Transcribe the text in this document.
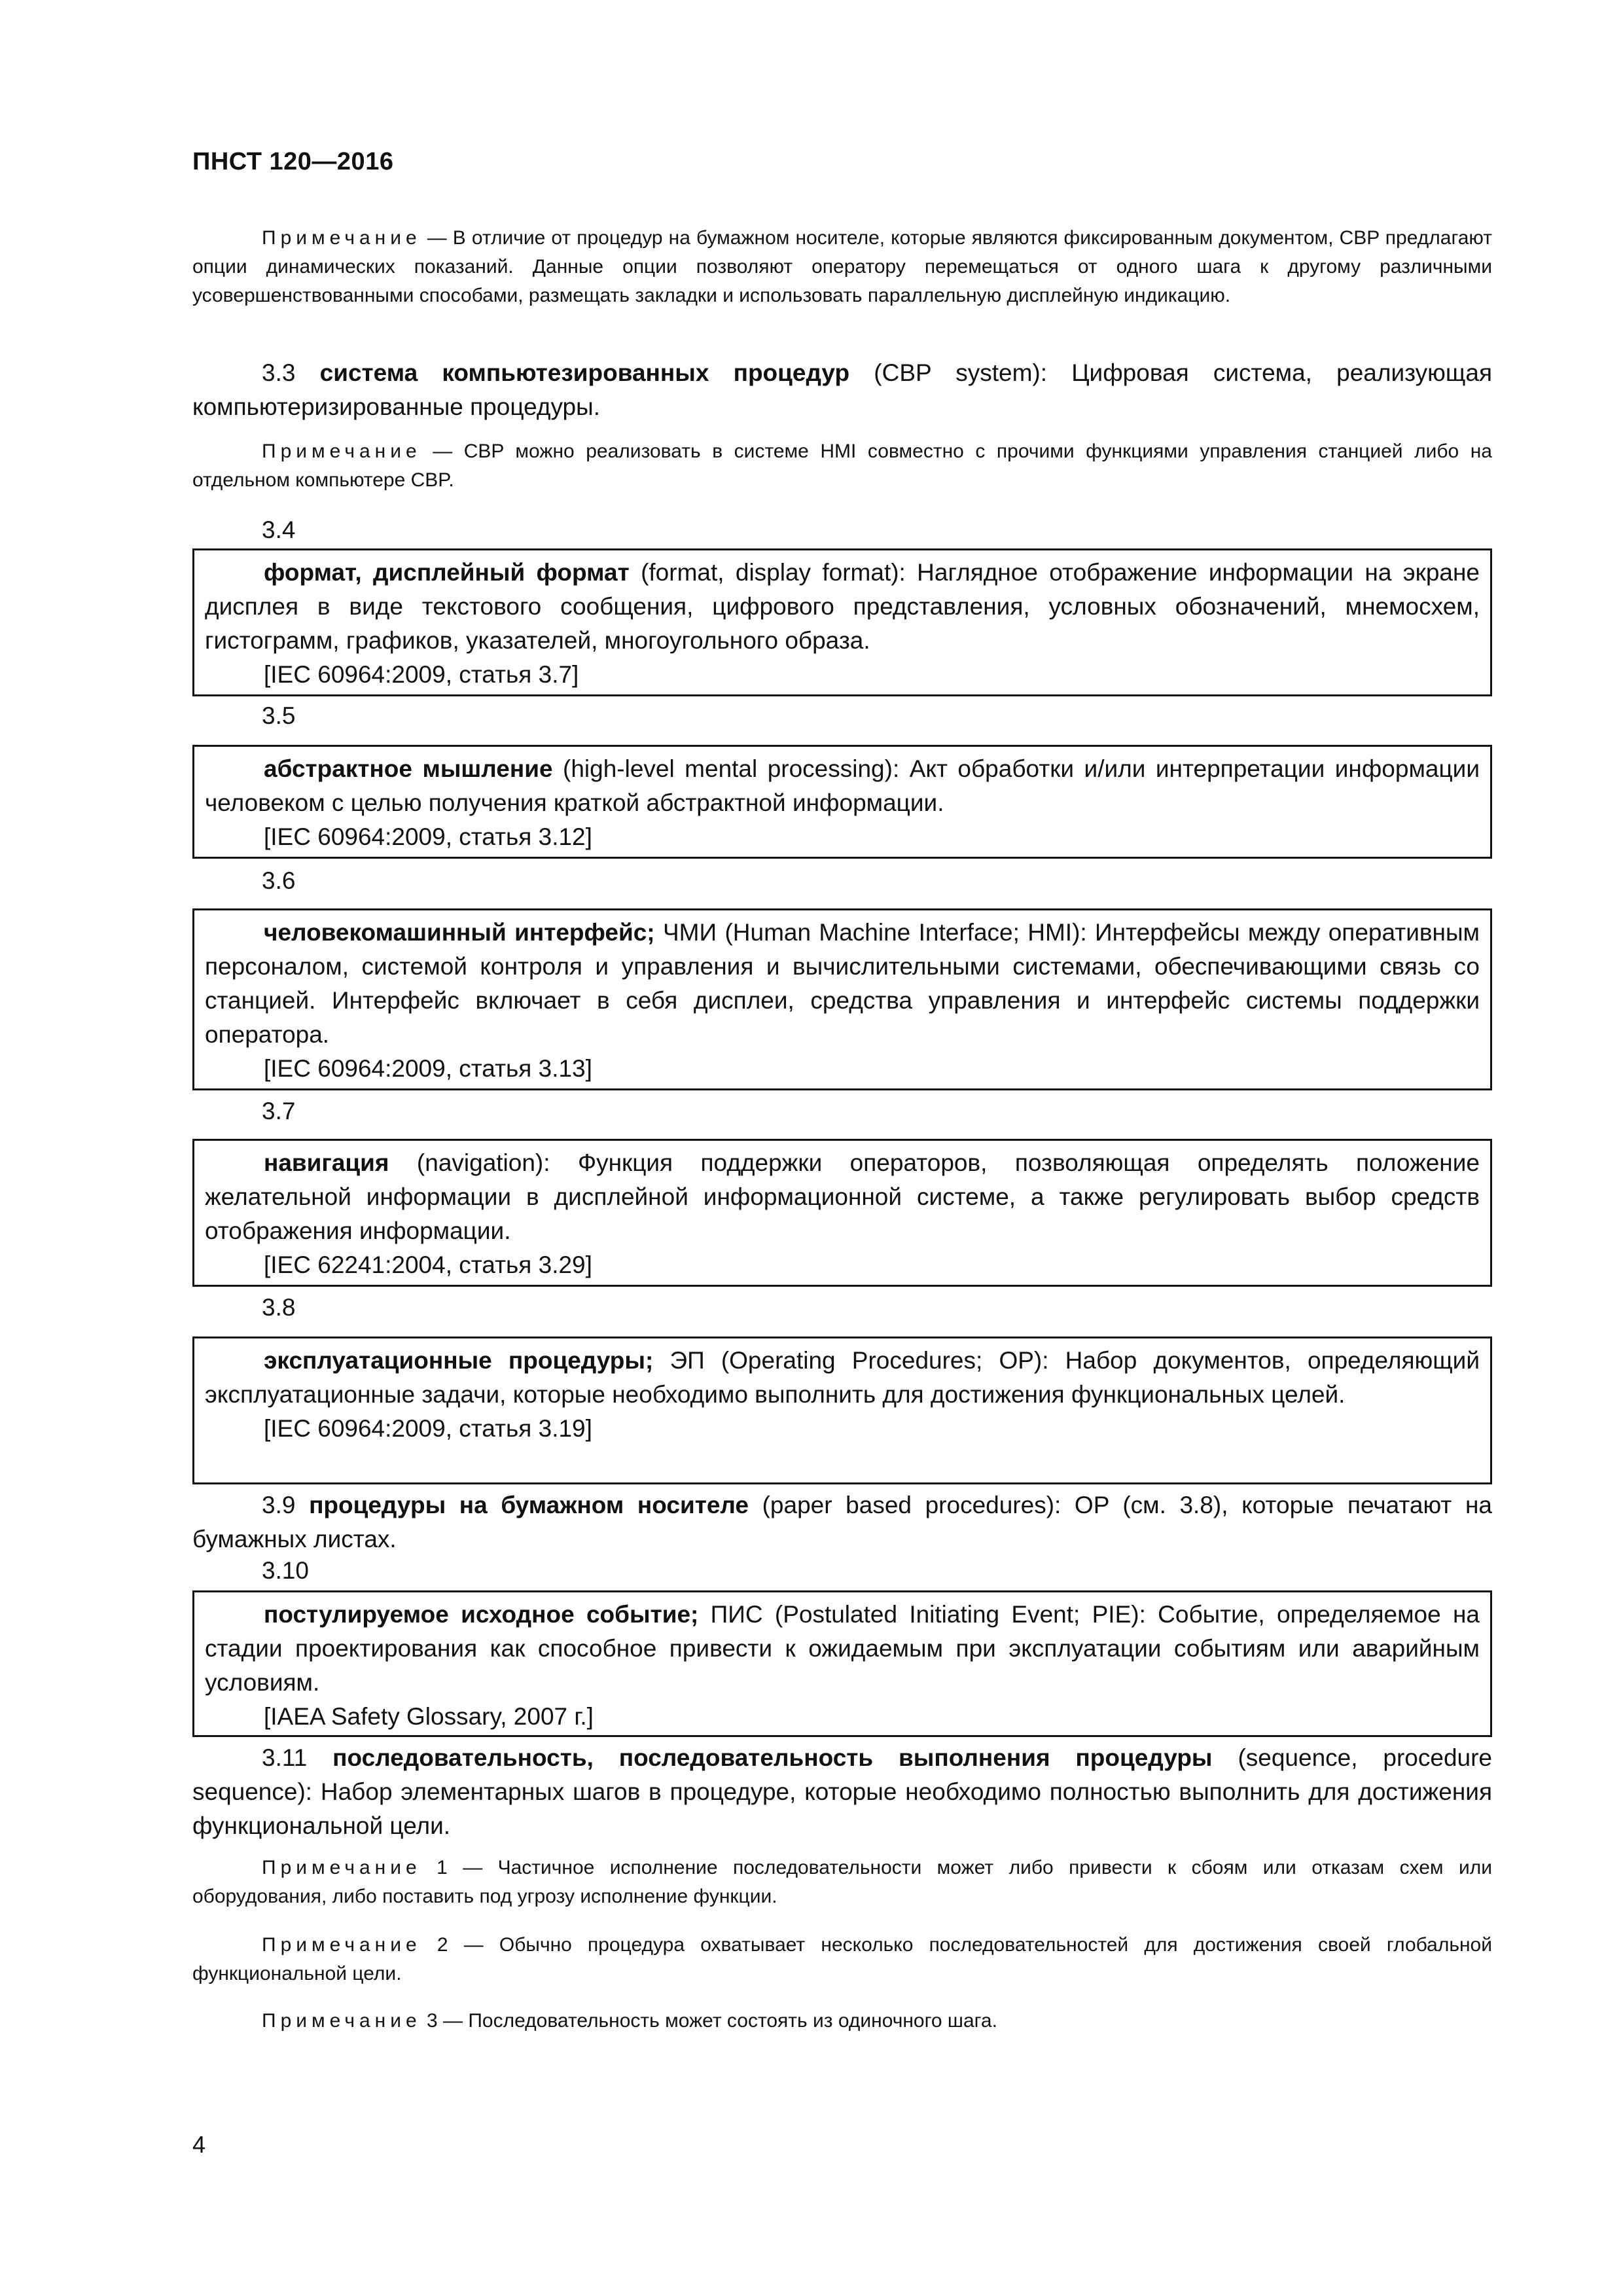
ПНСТ 120—2016

Примечание — В отличие от процедур на бумажном носителе, которые являются фиксированным документом, CBP предлагают опции динамических показаний. Данные опции позволяют оператору перемещаться от одного шага к другому различными усовершенствованными способами, размещать закладки и использовать параллельную дисплейную индикацию.

3.3 система компьютезированных процедур (CBP system): Цифровая система, реализующая компьютеризированные процедуры.

Примечание — CBP можно реализовать в системе HMI совместно с прочими функциями управления станцией либо на отдельном компьютере CBP.

3.4

формат, дисплейный формат (format, display format): Наглядное отображение информации на экране дисплея в виде текстового сообщения, цифрового представления, условных обозначений, мнемосхем, гистограмм, графиков, указателей, многоугольного образа.

[IEC 60964:2009, статья 3.7]
3.5

абстрактное мышление (high-level mental processing): Акт обработки и/или интерпретации информации человеком с целью получения краткой абстрактной информации.

[IEC 60964:2009, статья 3.12]
3.6

человекомашинный интерфейс; ЧМИ (Human Machine Interface; HMI): Интерфейсы между оперативным персоналом, системой контроля и управления и вычислительными системами, обеспечивающими связь со станцией. Интерфейс включает в себя дисплеи, средства управления и интерфейс системы поддержки оператора.

[IEC 60964:2009, статья 3.13]
3.7

навигация (navigation): Функция поддержки операторов, позволяющая определять положение желательной информации в дисплейной информационной системе, а также регулировать выбор средств отображения информации.

[IEC 62241:2004, статья 3.29]
3.8

эксплуатационные процедуры; ЭП (Operating Procedures; OP): Набор документов, определяющий эксплуатационные задачи, которые необходимо выполнить для достижения функциональных целей.

[IEC 60964:2009, статья 3.19]

3.9 процедуры на бумажном носителе (paper based procedures): OP (см. 3.8), которые печатают на бумажных листах.

3.10

постулируемое исходное событие; ПИС (Postulated Initiating Event; PIE): Событие, определяемое на стадии проектирования как способное привести к ожидаемым при эксплуатации событиям или аварийным условиям.

[IAEA Safety Glossary, 2007 г.]

3.11 последовательность, последовательность выполнения процедуры (sequence, procedure sequence): Набор элементарных шагов в процедуре, которые необходимо полностью выполнить для достижения функциональной цели.

Примечание 1 — Частичное исполнение последовательности может либо привести к сбоям или отказам схем или оборудования, либо поставить под угрозу исполнение функции.

Примечание 2 — Обычно процедура охватывает несколько последовательностей для достижения своей глобальной функциональной цели.

Примечание 3 — Последовательность может состоять из одиночного шага.

4
